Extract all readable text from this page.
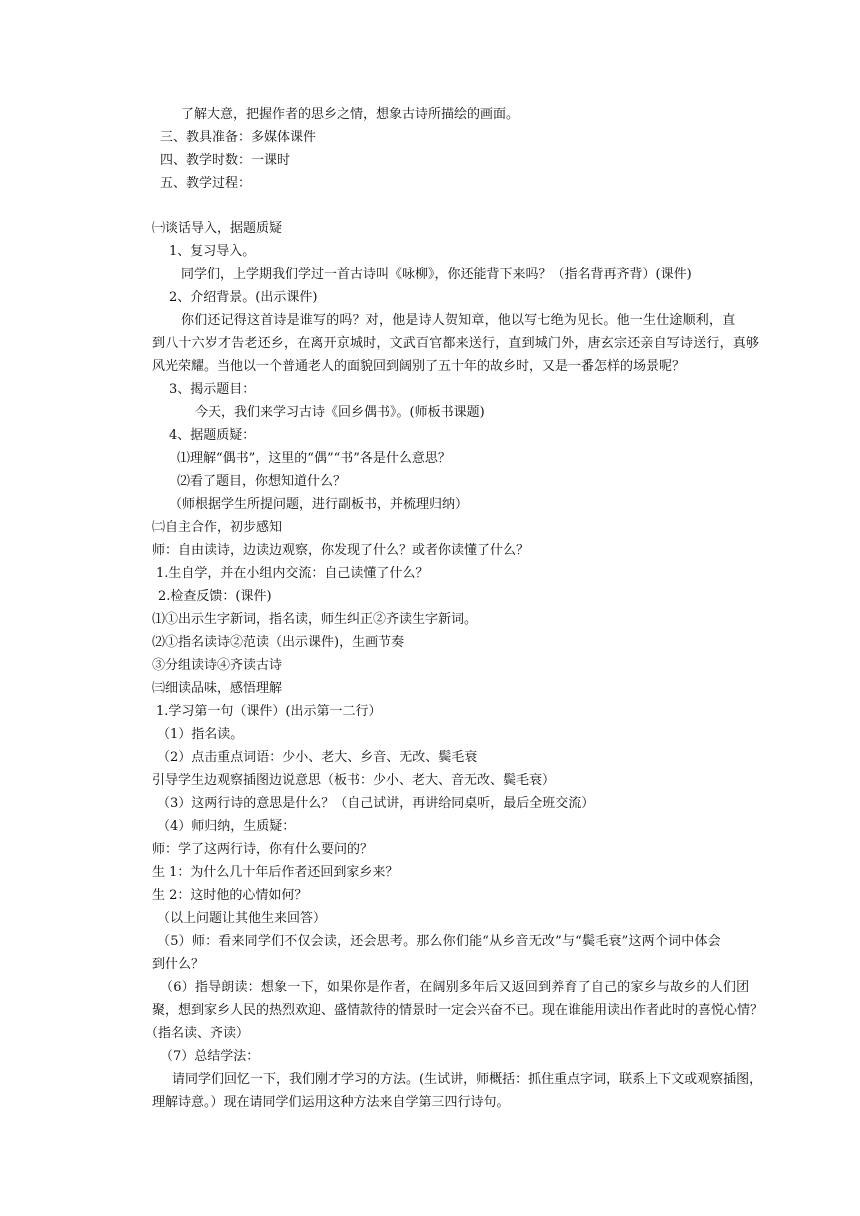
了解大意，把握作者的思乡之情，想象古诗所描绘的画面。
三、教具准备：多媒体课件
四、教学时数：一课时
五、教学过程：
㈠谈话导入，据题质疑
1、复习导入。
同学们，上学期我们学过一首古诗叫《咏柳》，你还能背下来吗？（指名背再齐背）(课件)
2、介绍背景。(出示课件)
你们还记得这首诗是谁写的吗？对，他是诗人贺知章，他以写七绝为见长。他一生仕途顺利，直
到八十六岁才告老还乡，在离开京城时，文武百官都来送行，直到城门外，唐玄宗还亲自写诗送行，真够
风光荣耀。当他以一个普通老人的面貌回到阔别了五十年的故乡时，又是一番怎样的场景呢？
3、揭示题目：
今天，我们来学习古诗《回乡偶书》。(师板书课题)
4、据题质疑：
⑴理解“偶书”，这里的“偶”“书”各是什么意思？
⑵看了题目，你想知道什么？
（师根据学生所提问题，进行副板书，并梳理归纳）
㈡自主合作，初步感知
师：自由读诗，边读边观察，你发现了什么？或者你读懂了什么？
1.生自学，并在小组内交流：自己读懂了什么？
2.检查反馈：(课件)
⑴①出示生字新词，指名读，师生纠正②齐读生字新词。
⑵①指名读诗②范读（出示课件)，生画节奏
③分组读诗④齐读古诗
㈢细读品味，感悟理解
1.学习第一句（课件）(出示第一二行）
（1）指名读。
（2）点击重点词语：少小、老大、乡音、无改、鬓毛衰
引导学生边观察插图边说意思（板书：少小、老大、音无改、鬓毛衰）
（3）这两行诗的意思是什么？（自己试讲，再讲给同桌听，最后全班交流）
（4）师归纳，生质疑：
师：学了这两行诗，你有什么要问的？
生 1：为什么几十年后作者还回到家乡来？
生 2：这时他的心情如何？
（以上问题让其他生来回答）
（5）师：看来同学们不仅会读，还会思考。那么你们能“从乡音无改”与“鬓毛衰”这两个词中体会
到什么？
（6）指导朗读：想象一下，如果你是作者，在阔别多年后又返回到养育了自己的家乡与故乡的人们团
聚，想到家乡人民的热烈欢迎、盛情款待的情景时一定会兴奋不已。现在谁能用读出作者此时的喜悦心情？
（指名读、齐读）
（7）总结学法：
请同学们回忆一下，我们刚才学习的方法。(生试讲，师概括：抓住重点字词，联系上下文或观察插图，
理解诗意。）现在请同学们运用这种方法来自学第三四行诗句。
